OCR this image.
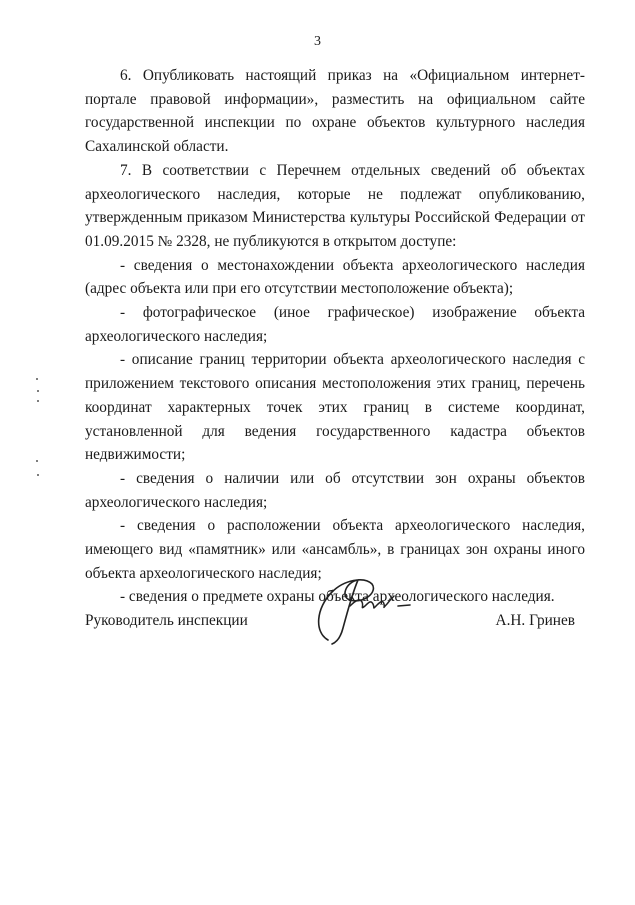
3

6. Опубликовать настоящий приказ на «Официальном интернет-портале правовой информации», разместить на официальном сайте государственной инспекции по охране объектов культурного наследия Сахалинской области.

7. В соответствии с Перечнем отдельных сведений об объектах археологического наследия, которые не подлежат опубликованию, утвержденным приказом Министерства культуры Российской Федерации от 01.09.2015 № 2328, не публикуются в открытом доступе:

- сведения о местонахождении объекта археологического наследия (адрес объекта или при его отсутствии местоположение объекта);

- фотографическое (иное графическое) изображение объекта археологического наследия;

- описание границ территории объекта археологического наследия с приложением текстового описания местоположения этих границ, перечень координат характерных точек этих границ в системе координат, установленной для ведения государственного кадастра объектов недвижимости;

- сведения о наличии или об отсутствии зон охраны объектов археологического наследия;

- сведения о расположении объекта археологического наследия, имеющего вид «памятник» или «ансамбль», в границах зон охраны иного объекта археологического наследия;

- сведения о предмете охраны объекта археологического наследия.

Руководитель инспекции	А.Н. Гринев
